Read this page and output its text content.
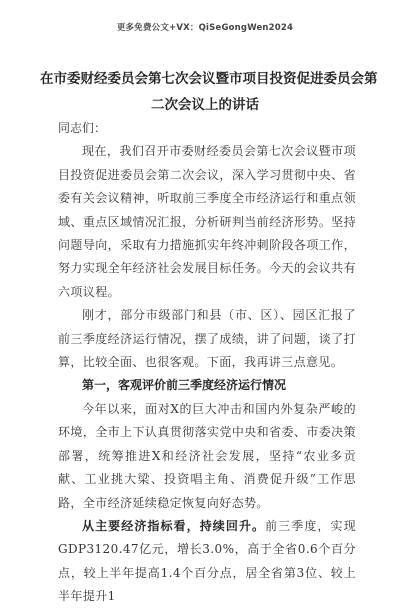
更多免费公文+VX：QiSeGongWen2024
在市委财经委员会第七次会议暨市项目投资促进委员会第
二次会议上的讲话

同志们：

现在，我们召开市委财经委员会第七次会议暨市项目投资促进委员会第二次会议，深入学习贯彻中央、省委有关会议精神，听取前三季度全市经济运行和重点领域、重点区域情况汇报，分析研判当前经济形势。坚持问题导向，采取有力措施抓实年终冲刺阶段各项工作，努力实现全年经济社会发展目标任务。今天的会议共有六项议程。

刚才，部分市级部门和县（市、区）、园区汇报了前三季度经济运行情况，摆了成绩，讲了问题，谈了打算，比较全面、也很客观。下面，我再讲三点意见。

第一，客观评价前三季度经济运行情况

今年以来，面对X的巨大冲击和国内外复杂严峻的环境，全市上下认真贯彻落实党中央和省委、市委决策部署，统筹推进X和经济社会发展，坚持“农业多贡献、工业挑大梁、投资唱主角、消费促升级”工作思路，全市经济延续稳定恢复向好态势。

从主要经济指标看，持续回升。前三季度，实现GDP3120.47亿元，增长3.0%，高于全省0.6个百分点，较上半年提高1.4个百分点，居全省第3位、较上半年提升1
